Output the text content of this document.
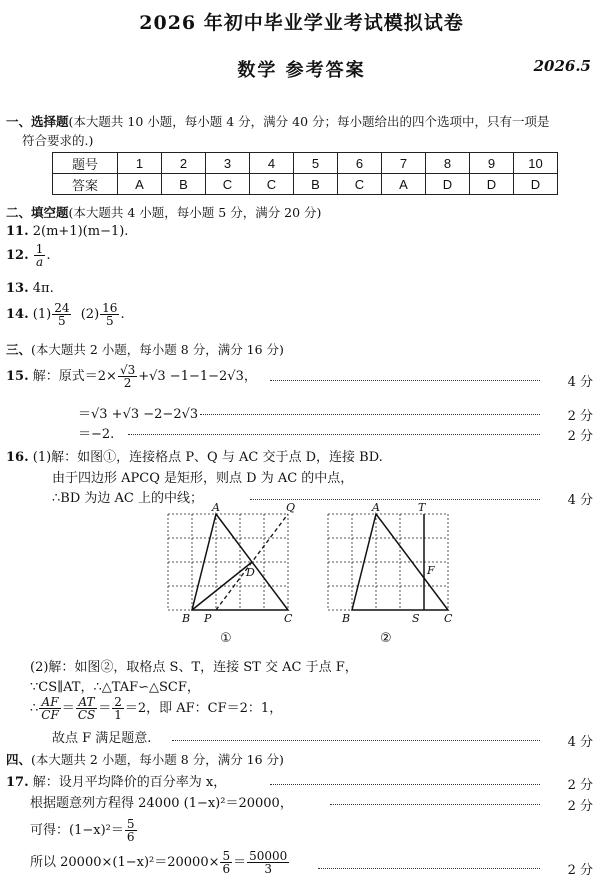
2026 年初中毕业学业考试模拟试卷
数学 参考答案	2026.5
一、选择题(本大题共 10 小题，每小题 4 分，满分 40 分；每小题给出的四个选项中，只有一项是
符合要求的.)
题号	1	2	3	4	5	6	7	8	9	10
答案	A	B	C	C	B	C	A	D	D	D
二、填空题(本大题共 4 小题，每小题 5 分，满分 20 分)
11. 2(m+1)(m−1).
12. $\frac{1}{a}$ .
13. 4π.
14. $(1) \frac{24}{5} (2) \frac{16}{5}$ .
三、(本大题共 2 小题，每小题 8 分，满分 16 分)
15. 解：原式$=2\times \frac{√3}{2} +√3 -1-1-2√3$，	4 分
＝√3 +√3 −2−2√3	2 分
＝−2.	2 分
16. (1)解：如图①，连接格点 P、Q 与 AC 交于点 D，连接 BD.
由于四边形 APCQ 是矩形，则点 D 为 AC 的中点，
∴BD 为边 AC 上的中线；	4 分
A	Q
D
B P	C
A	T
F
B	S C
①	②
(2)解：如图②，取格点 S、T，连接 ST 交 AC 于点 F，
∵CS∥AT，∴△TAF∽△SCF，
∴ $\frac{AF}{CF} = \frac{AT}{CS} = \frac{2}{1} =2$，即 AF：CF＝2：1，
故点 F 满足题意.	4 分
四、(本大题共 2 小题，每小题 8 分，满分 16 分)
17. 解：设月平均降价的百分率为 x，	2 分
根据题意列方程得 24000 (1−x)²＝20000，	2 分
可得：$(1-x)^2= \frac{5}{6}$
所以 $20000\times(1-x)^2=20000\times \frac{5}{6} = \frac{50000}{3}$	2 分
